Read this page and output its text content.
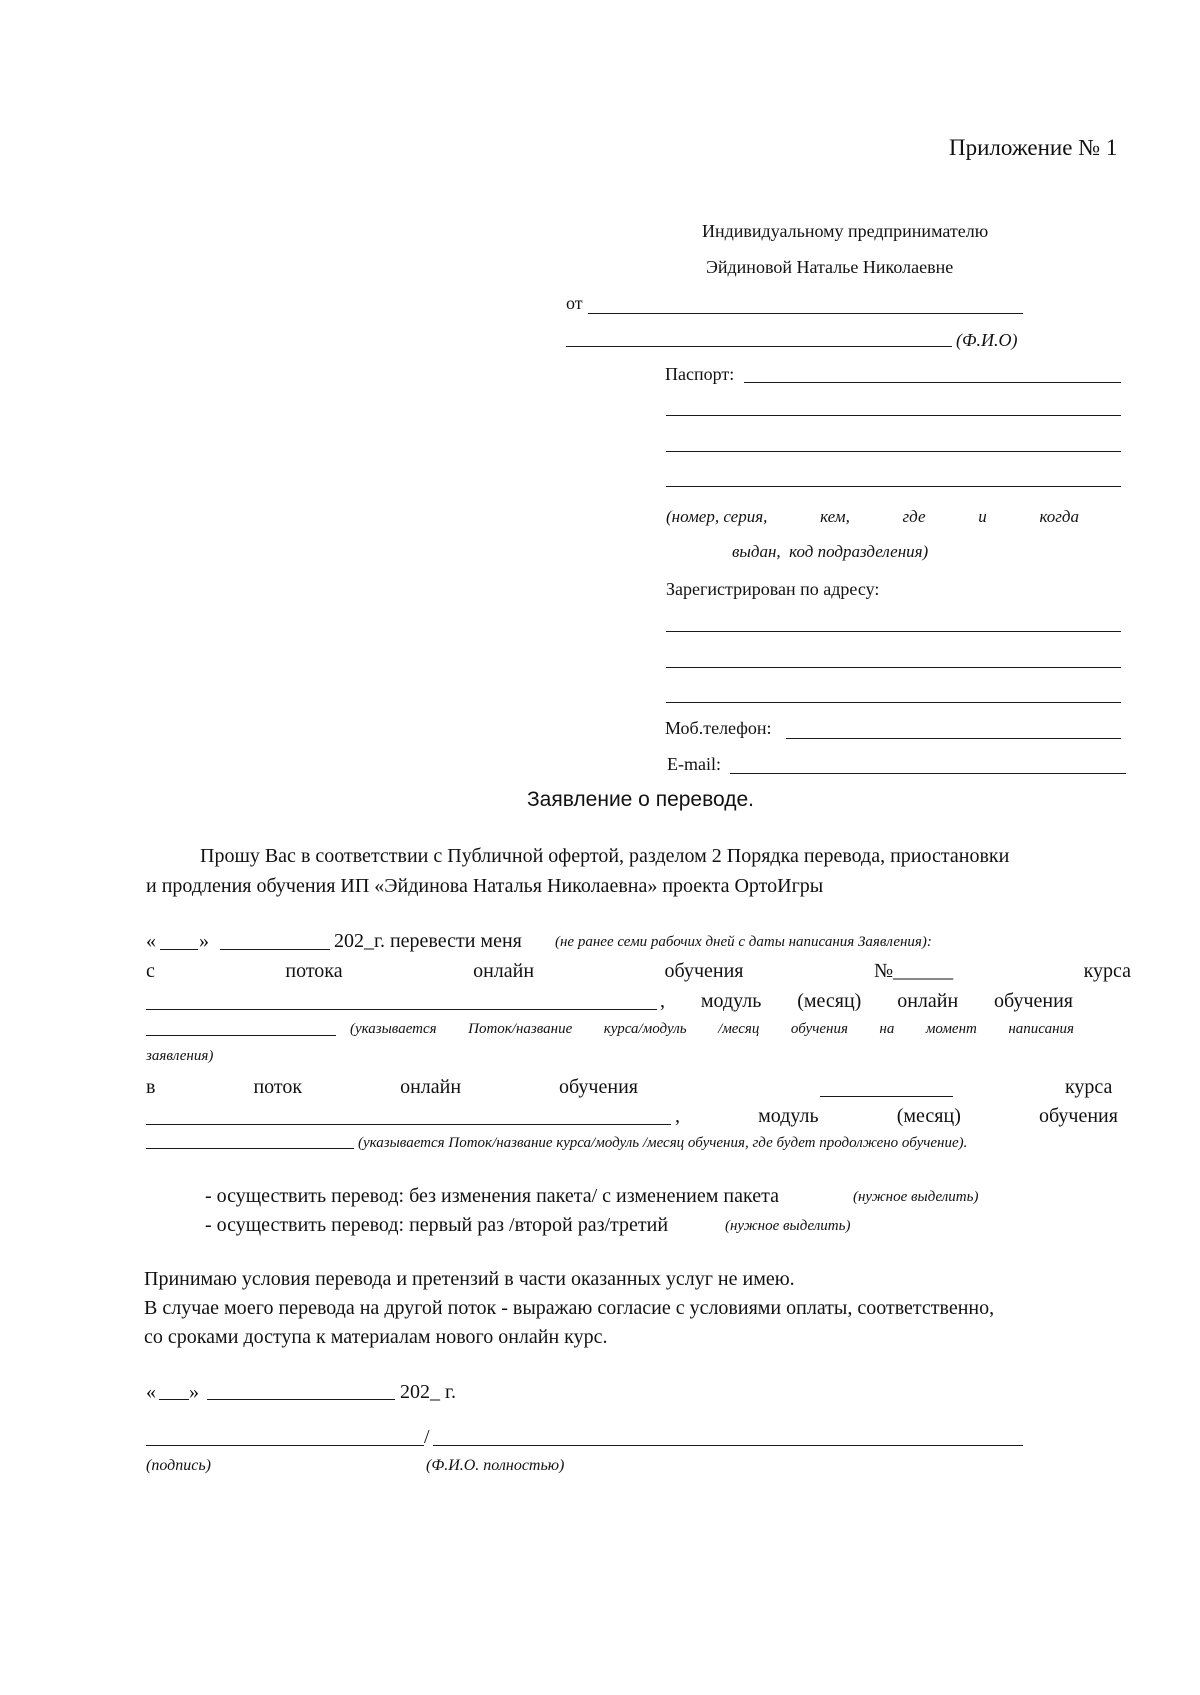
Приложение № 1
Индивидуальному предпринимателю
Эйдиновой Наталье Николаевне
от
(Ф.И.О)
Паспорт:
(номер, серия,	кем,	где	и	когда
выдан,  код подразделения)
Зарегистрирован по адресу:
Моб.телефон:
E-mail:
Заявление о переводе.
Прошу Вас в соответствии с Публичной офертой, разделом 2 Порядка перевода, приостановки
и продления обучения ИП «Эйдинова Наталья Николаевна» проекта ОртоИгры
« »	202_г. перевести меня (не ранее семи рабочих дней с даты написания Заявления):
с	потока	онлайн	обучения	№______	курса
, модуль (месяц) онлайн обучения
(указывается Поток/название курса/модуль /месяц обучения на момент написания
заявления)
в	поток	онлайн	обучения	курса
,	модуль	(месяц)	обучения
(указывается Поток/название курса/модуль /месяц обучения, где будет продолжено обучение).
- осуществить перевод: без изменения пакета/ с изменением пакета	(нужное выделить)
- осуществить перевод: первый раз /второй раз/третий	(нужное выделить)
Принимаю условия перевода и претензий в части оказанных услуг не имею.
В случае моего перевода на другой поток - выражаю согласие с условиями оплаты, соответственно,
со сроками доступа к материалам нового онлайн курс.
« »	202_ г.
/
(подпись)	(Ф.И.О. полностью)
